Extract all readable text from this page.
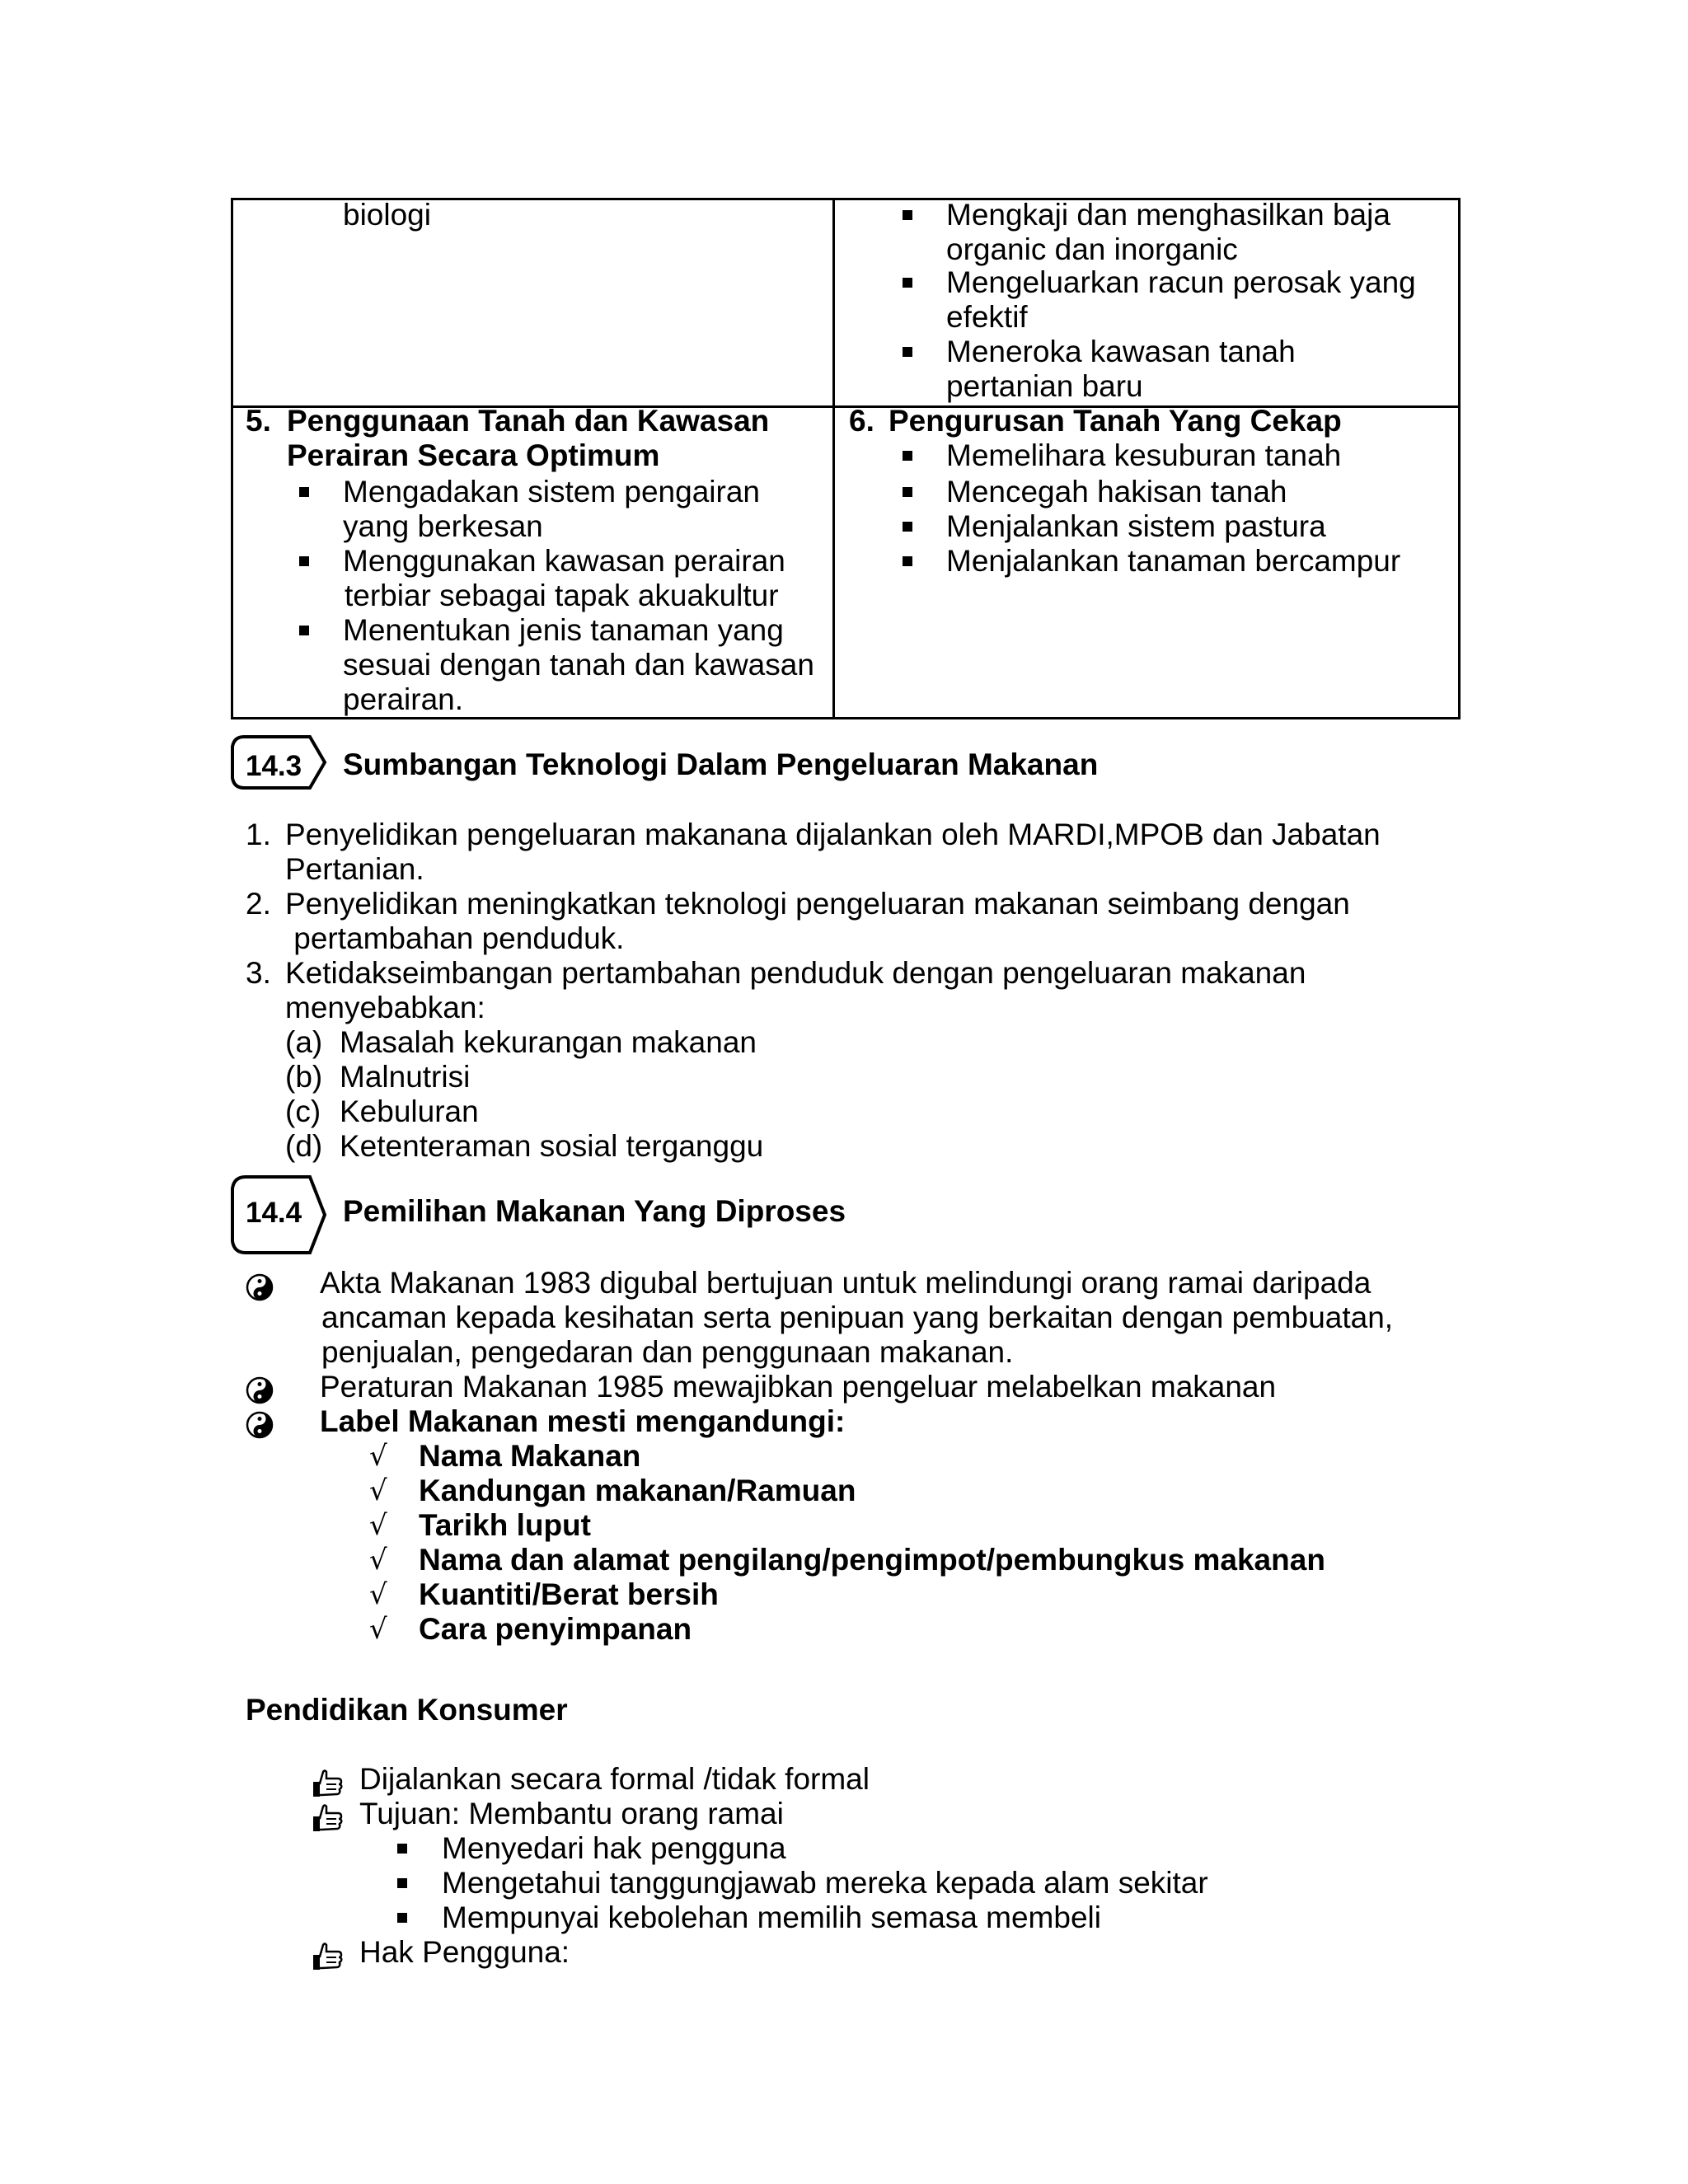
biologi	Mengkaji dan menghasilkan baja
organic dan inorganic
Mengeluarkan racun perosak yang
efektif
Meneroka kawasan tanah
pertanian baru
5. Penggunaan Tanah dan Kawasan
Perairan Secara Optimum
Mengadakan sistem pengairan
yang berkesan
Menggunakan kawasan perairan
terbiar sebagai tapak akuakultur
Menentukan jenis tanaman yang
sesuai dengan tanah dan kawasan
perairan.
6. Pengurusan Tanah Yang Cekap
Memelihara kesuburan tanah
Mencegah hakisan tanah
Menjalankan sistem pastura
Menjalankan tanaman bercampur
14.3 Sumbangan Teknologi Dalam Pengeluaran Makanan
1. Penyelidikan pengeluaran makanana dijalankan oleh MARDI,MPOB dan Jabatan
Pertanian.
2. Penyelidikan meningkatkan teknologi pengeluaran makanan seimbang dengan
pertambahan penduduk.
3. Ketidakseimbangan pertambahan penduduk dengan pengeluaran makanan
menyebabkan:
(a) Masalah kekurangan makanan
(b) Malnutrisi
(c) Kebuluran
(d) Ketenteraman sosial terganggu
14.4 Pemilihan Makanan Yang Diproses
Akta Makanan 1983 digubal bertujuan untuk melindungi orang ramai daripada
ancaman kepada kesihatan serta penipuan yang berkaitan dengan pembuatan,
penjualan, pengedaran dan penggunaan makanan.
Peraturan Makanan 1985 mewajibkan pengeluar melabelkan makanan
Label Makanan mesti mengandungi:
√ Nama Makanan
√ Kandungan makanan/Ramuan
√ Tarikh luput
√ Nama dan alamat pengilang/pengimpot/pembungkus makanan
√ Kuantiti/Berat bersih
√ Cara penyimpanan
Pendidikan Konsumer
Dijalankan secara formal /tidak formal
Tujuan: Membantu orang ramai
Menyedari hak pengguna
Mengetahui tanggungjawab mereka kepada alam sekitar
Mempunyai kebolehan memilih semasa membeli
Hak Pengguna:
